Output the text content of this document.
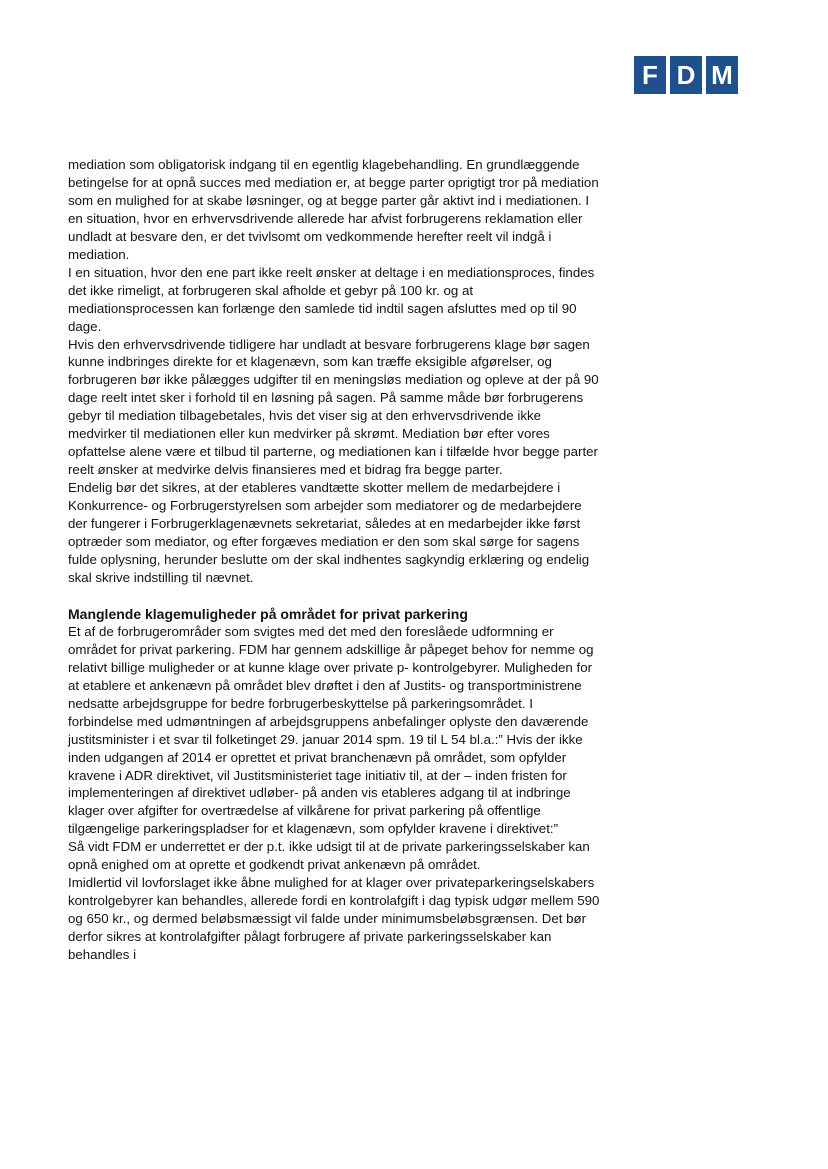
F D M

mediation som obligatorisk indgang til en egentlig klagebehandling. En grundlæggende betingelse for at opnå succes med mediation er, at begge parter oprigtigt tror på mediation som en mulighed for at skabe løsninger, og at begge parter går aktivt ind i mediationen. I en situation, hvor en erhvervsdrivende allerede har afvist forbrugerens reklamation eller undladt at besvare den, er det tvivlsomt om vedkommende herefter reelt vil indgå i mediation.

I en situation, hvor den ene part ikke reelt ønsker at deltage i en mediationsproces, findes det ikke rimeligt, at forbrugeren skal afholde et gebyr på 100 kr. og at mediationsprocessen kan forlænge den samlede tid indtil sagen afsluttes med op til 90 dage.

Hvis den erhvervsdrivende tidligere har undladt at besvare forbrugerens klage bør sagen kunne indbringes direkte for et klagenævn, som kan træffe eksigible afgørelser, og forbrugeren bør ikke pålægges udgifter til en meningsløs mediation og opleve at der på 90 dage reelt intet sker i forhold til en løsning på sagen. På samme måde bør forbrugerens gebyr til mediation tilbagebetales, hvis det viser sig at den erhvervsdrivende ikke medvirker til mediationen eller kun medvirker på skrømt. Mediation bør efter vores opfattelse alene være et tilbud til parterne, og mediationen kan i tilfælde hvor begge parter reelt ønsker at medvirke delvis finansieres med et bidrag fra begge parter.

Endelig bør det sikres, at der etableres vandtætte skotter mellem de medarbejdere i Konkurrence- og Forbrugerstyrelsen som arbejder som mediatorer og de medarbejdere der fungerer i Forbrugerklagenævnets sekretariat, således at en medarbejder ikke først optræder som mediator, og efter forgæves mediation er den som skal sørge for sagens fulde oplysning, herunder beslutte om der skal indhentes sagkyndig erklæring og endelig skal skrive indstilling til nævnet.

Manglende klagemuligheder på området for privat parkering

Et af de forbrugerområder som svigtes med det med den foreslåede udformning er området for privat parkering. FDM har gennem adskillige år påpeget behov for nemme og relativt billige muligheder or at kunne klage over private p- kontrolgebyrer. Muligheden for at etablere et ankenævn på området blev drøftet i den af Justits- og transportministrene nedsatte arbejdsgruppe for bedre forbrugerbeskyttelse på parkeringsområdet. I forbindelse med udmøntningen af arbejdsgruppens anbefalinger oplyste den daværende justitsminister i et svar til folketinget 29. januar 2014 spm. 19 til L 54 bl.a.:” Hvis der ikke inden udgangen af 2014 er oprettet et privat branchenævn på området, som opfylder kravene i ADR direktivet, vil Justitsministeriet tage initiativ til, at der – inden fristen for implementeringen af direktivet udløber- på anden vis etableres adgang til at indbringe klager over afgifter for overtrædelse af vilkårene for privat parkering på offentlige tilgængelige parkeringspladser for et klagenævn, som opfylder kravene i direktivet:”

Så vidt FDM er underrettet er der p.t. ikke udsigt til at de private parkeringsselskaber kan opnå enighed om at oprette et godkendt privat ankenævn på området.

Imidlertid vil lovforslaget ikke åbne mulighed for at klager over privateparkeringselskabers kontrolgebyrer kan behandles, allerede fordi en kontrolafgift i dag typisk udgør mellem 590 og 650 kr., og dermed beløbsmæssigt vil falde under minimumsbeløbsgrænsen. Det bør derfor sikres at kontrolafgifter pålagt forbrugere af private parkeringsselskaber kan behandles i
